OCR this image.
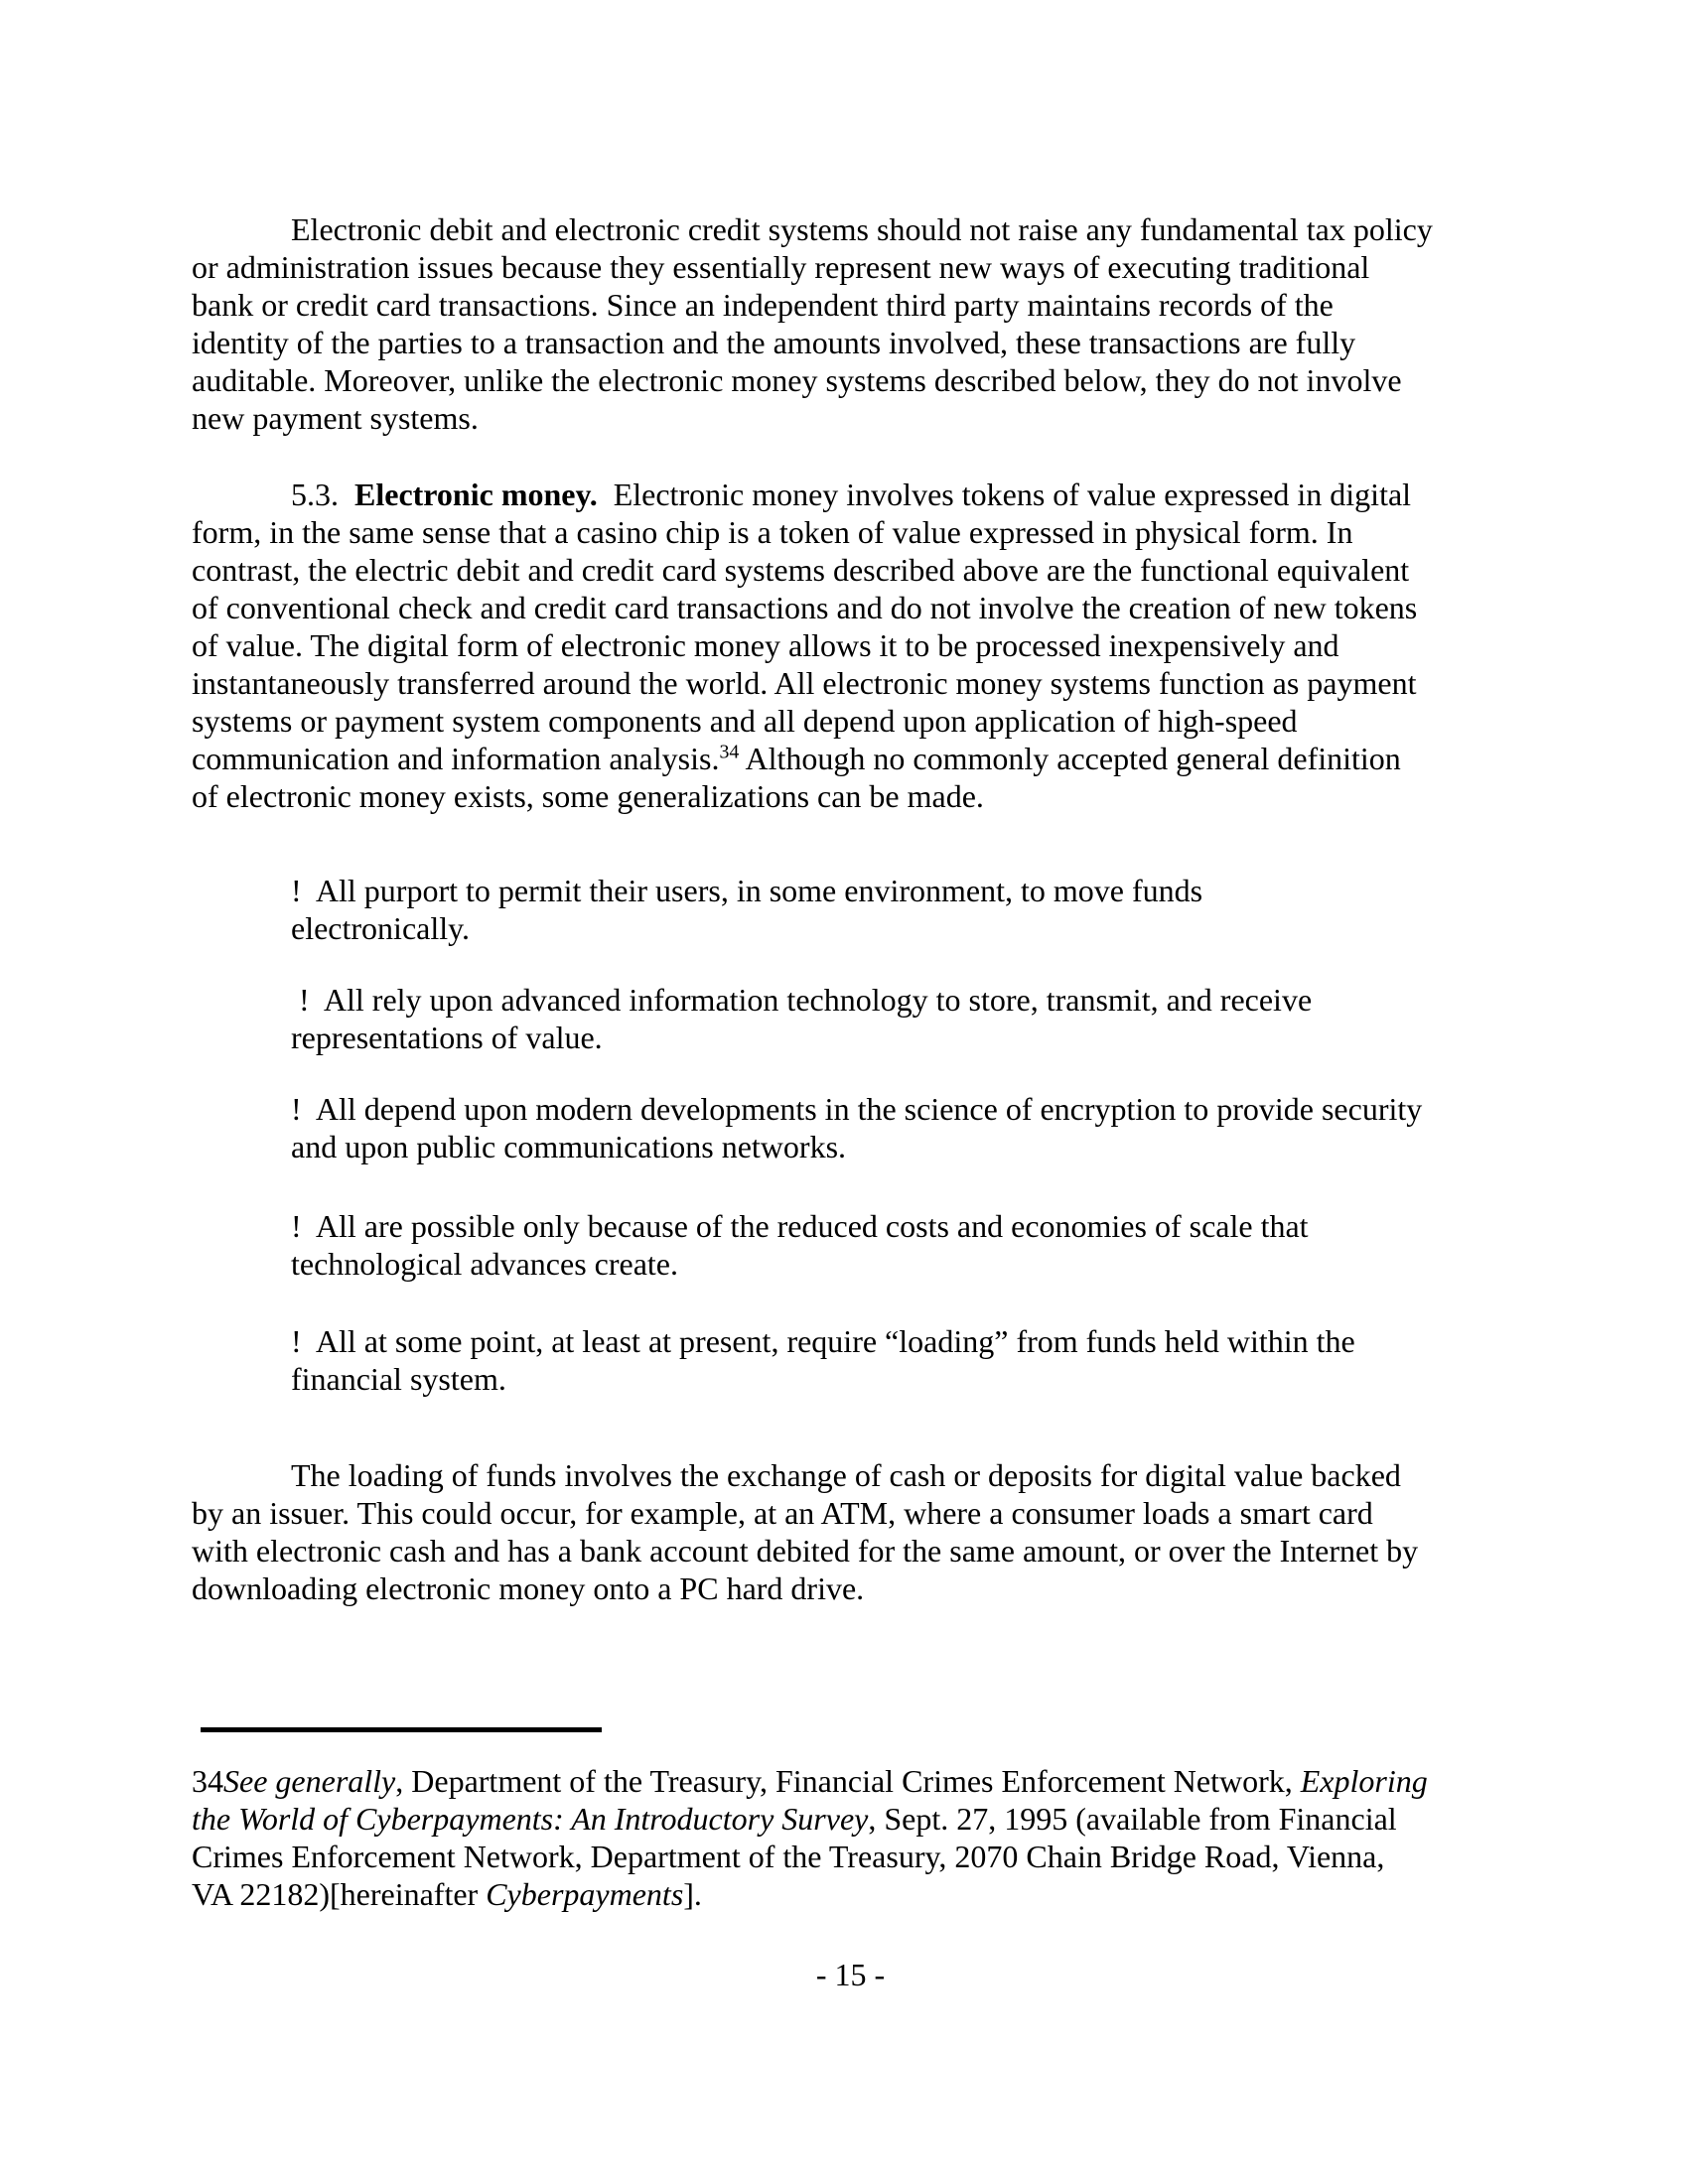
Electronic debit and electronic credit systems should not raise any fundamental tax policy
or administration issues because they essentially represent new ways of executing traditional
bank or credit card transactions. Since an independent third party maintains records of the
identity of the parties to a transaction and the amounts involved, these transactions are fully
auditable. Moreover, unlike the electronic money systems described below, they do not involve
new payment systems.
5.3.  Electronic money.  Electronic money involves tokens of value expressed in digital
form, in the same sense that a casino chip is a token of value expressed in physical form. In
contrast, the electric debit and credit card systems described above are the functional equivalent
of conventional check and credit card transactions and do not involve the creation of new tokens
of value. The digital form of electronic money allows it to be processed inexpensively and
instantaneously transferred around the world. All electronic money systems function as payment
systems or payment system components and all depend upon application of high-speed
communication and information analysis.$^{34}$ Although no commonly accepted general definition
of electronic money exists, some generalizations can be made.
!  All purport to permit their users, in some environment, to move funds
electronically.
!  All rely upon advanced information technology to store, transmit, and receive
representations of value.
!  All depend upon modern developments in the science of encryption to provide security
and upon public communications networks.
!  All are possible only because of the reduced costs and economies of scale that
technological advances create.
!  All at some point, at least at present, require “loading” from funds held within the
financial system.
The loading of funds involves the exchange of cash or deposits for digital value backed
by an issuer. This could occur, for example, at an ATM, where a consumer loads a smart card
with electronic cash and has a bank account debited for the same amount, or over the Internet by
downloading electronic money onto a PC hard drive.
34See generally, Department of the Treasury, Financial Crimes Enforcement Network, Exploring
the World of Cyberpayments: An Introductory Survey, Sept. 27, 1995 (available from Financial
Crimes Enforcement Network, Department of the Treasury, 2070 Chain Bridge Road, Vienna,
VA 22182)[hereinafter Cyberpayments].
- 15 -
